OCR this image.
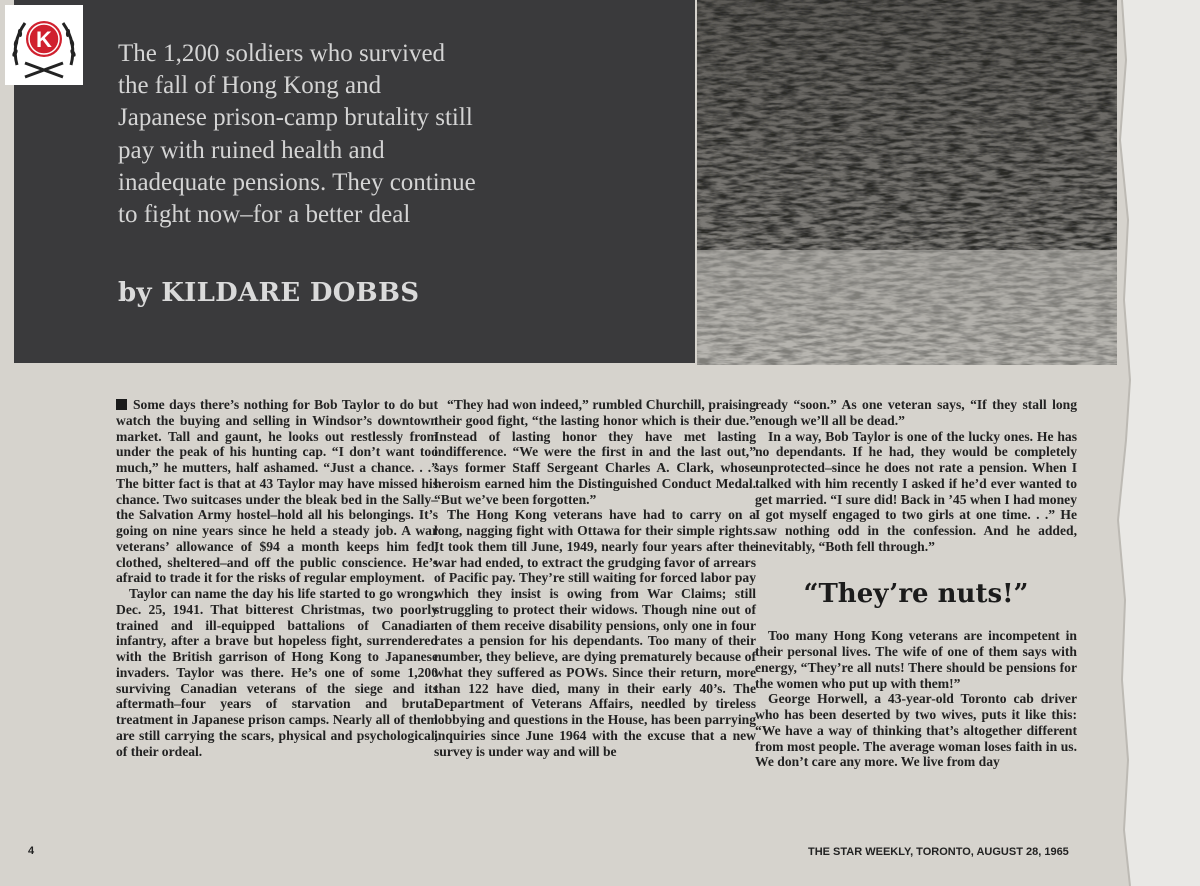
K

The 1,200 soldiers who survived
the fall of Hong Kong and
Japanese prison-camp brutality still
pay with ruined health and
inadequate pensions. They continue
to fight now–for a better deal

by KILDARE DOBBS

Some days there’s nothing for Bob Taylor to do but watch the buying and selling in Windsor’s downtown market. Tall and gaunt, he looks out restlessly from under the peak of his hunting cap. “I don’t want too much,” he mutters, half ashamed. “Just a chance. . .” The bitter fact is that at 43 Taylor may have missed his chance. Two suitcases under the bleak bed in the Sally–the Salvation Army hostel–hold all his belongings. It’s going on nine years since he held a steady job. A war veterans’ allowance of $94 a month keeps him fed, clothed, sheltered–and off the public conscience. He’s afraid to trade it for the risks of regular employment.

Taylor can name the day his life started to go wrong: Dec. 25, 1941. That bitterest Christmas, two poorly trained and ill-equipped battalions of Canadian infantry, after a brave but hopeless fight, surrendered with the British garrison of Hong Kong to Japanese invaders. Taylor was there. He’s one of some 1,200 surviving Canadian veterans of the siege and its aftermath–four years of starvation and brutal treatment in Japanese prison camps. Nearly all of them are still carrying the scars, physical and psychological, of their ordeal.

“They had won indeed,” rumbled Churchill, praising their good fight, “the lasting honor which is their due.” Instead of lasting honor they have met lasting indifference. “We were the first in and the last out,” says former Staff Sergeant Charles A. Clark, whose heroism earned him the Distinguished Conduct Medal. “But we’ve been forgotten.”

The Hong Kong veterans have had to carry on a long, nagging fight with Ottawa for their simple rights. It took them till June, 1949, nearly four years after the war had ended, to extract the grudging favor of arrears of Pacific pay. They’re still waiting for forced labor pay which they insist is owing from War Claims; still struggling to protect their widows. Though nine out of ten of them receive disability pensions, only one in four rates a pension for his dependants. Too many of their number, they believe, are dying prematurely because of what they suffered as POWs. Since their return, more than 122 have died, many in their early 40’s. The Department of Veterans Affairs, needled by tireless lobbying and questions in the House, has been parrying inquiries since June 1964 with the excuse that a new survey is under way and will be

ready “soon.” As one veteran says, “If they stall long enough we’ll all be dead.”

In a way, Bob Taylor is one of the lucky ones. He has no dependants. If he had, they would be completely unprotected–since he does not rate a pension. When I talked with him recently I asked if he’d ever wanted to get married. “I sure did! Back in ’45 when I had money I got myself engaged to two girls at one time. . .” He saw nothing odd in the confession. And he added, inevitably, “Both fell through.”

“They’re nuts!”

Too many Hong Kong veterans are incompetent in their personal lives. The wife of one of them says with energy, “They’re all nuts! There should be pensions for the women who put up with them!”

George Horwell, a 43-year-old Toronto cab driver who has been deserted by two wives, puts it like this: “We have a way of thinking that’s altogether different from most people. The average woman loses faith in us. We don’t care any more. We live from day

4	THE STAR WEEKLY, TORONTO, AUGUST 28, 1965
